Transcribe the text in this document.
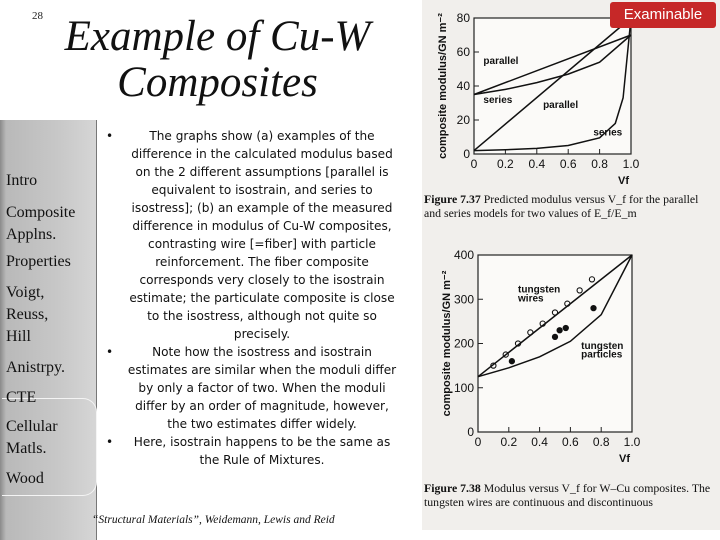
28 Example of Cu-W
Composites
Intro
Composite
Applns.
Properties
Voigt,
Reuss,
Hill
Anistrpy.
CTE
Cellular
Matls.
Wood
• The graphs show (a) examples of the difference in the calculated modulus based on the 2 different assumptions [parallel is equivalent to isostrain, and series to isostress]; (b) an example of the measured difference in modulus of Cu-W composites, contrasting wire [=fiber] with particle reinforcement. The fiber composite corresponds very closely to the isostrain estimate; the particulate composite is close to the isostress, although not quite so precisely.
• Note how the isostress and isostrain estimates are similar when the moduli differ by only a factor of two. When the moduli differ by an order of magnitude, however, the two estimates differ widely.
• Here, isostrain happens to be the same as the Rule of Mixtures.
“Structural Materials”, Weidemann, Lewis and Reid
0
20
40
60
80
0 0.2 0.4 0.6 0.8 1.0
composite modulus/GN m⁻²
Vf
parallel
series	parallel
series
0
100
200
300
400
0 0.2 0.4 0.6 0.8 1.0
composite modulus/GN m⁻²
Vf
tungsten
wires
tungsten
particles
Figure 7.37 Predicted modulus versus V_f for the parallel and series models for two values of E_f/E_m
Figure 7.38 Modulus versus V_f for W–Cu composites. The tungsten wires are continuous and discontinuous
Examinable
